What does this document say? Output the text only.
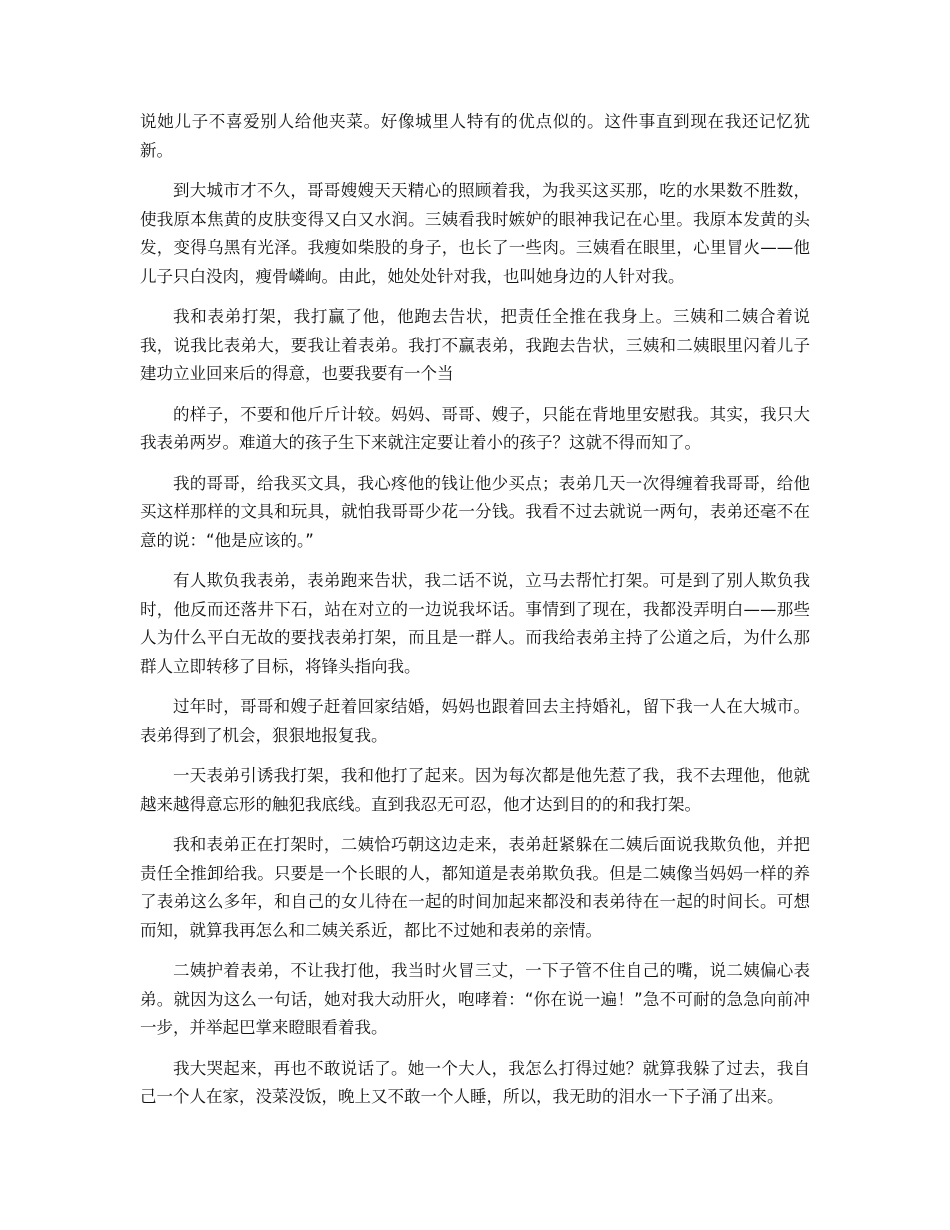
说她儿子不喜爱别人给他夹菜。好像城里人特有的优点似的。这件事直到现在我还记忆犹新。

到大城市才不久，哥哥嫂嫂天天精心的照顾着我，为我买这买那，吃的水果数不胜数，使我原本焦黄的皮肤变得又白又水润。三姨看我时嫉妒的眼神我记在心里。我原本发黄的头发，变得乌黑有光泽。我瘦如柴股的身子，也长了一些肉。三姨看在眼里，心里冒火——他儿子只白没肉，瘦骨嶙峋。由此，她处处针对我，也叫她身边的人针对我。

我和表弟打架，我打赢了他，他跑去告状，把责任全推在我身上。三姨和二姨合着说我，说我比表弟大，要我让着表弟。我打不赢表弟，我跑去告状，三姨和二姨眼里闪着儿子建功立业回来后的得意，也要我要有一个当

的样子，不要和他斤斤计较。妈妈、哥哥、嫂子，只能在背地里安慰我。其实，我只大我表弟两岁。难道大的孩子生下来就注定要让着小的孩子？这就不得而知了。

我的哥哥，给我买文具，我心疼他的钱让他少买点；表弟几天一次得缠着我哥哥，给他买这样那样的文具和玩具，就怕我哥哥少花一分钱。我看不过去就说一两句，表弟还毫不在意的说：“他是应该的。”

有人欺负我表弟，表弟跑来告状，我二话不说，立马去帮忙打架。可是到了别人欺负我时，他反而还落井下石，站在对立的一边说我坏话。事情到了现在，我都没弄明白——那些人为什么平白无故的要找表弟打架，而且是一群人。而我给表弟主持了公道之后，为什么那群人立即转移了目标，将锋头指向我。

过年时，哥哥和嫂子赶着回家结婚，妈妈也跟着回去主持婚礼，留下我一人在大城市。表弟得到了机会，狠狠地报复我。

一天表弟引诱我打架，我和他打了起来。因为每次都是他先惹了我，我不去理他，他就越来越得意忘形的触犯我底线。直到我忍无可忍，他才达到目的的和我打架。

我和表弟正在打架时，二姨恰巧朝这边走来，表弟赶紧躲在二姨后面说我欺负他，并把责任全推卸给我。只要是一个长眼的人，都知道是表弟欺负我。但是二姨像当妈妈一样的养了表弟这么多年，和自己的女儿待在一起的时间加起来都没和表弟待在一起的时间长。可想而知，就算我再怎么和二姨关系近，都比不过她和表弟的亲情。

二姨护着表弟，不让我打他，我当时火冒三丈，一下子管不住自己的嘴，说二姨偏心表弟。就因为这么一句话，她对我大动肝火，咆哮着：“你在说一遍！”急不可耐的急急向前冲一步，并举起巴掌来瞪眼看着我。

我大哭起来，再也不敢说话了。她一个大人，我怎么打得过她？就算我躲了过去，我自己一个人在家，没菜没饭，晚上又不敢一个人睡，所以，我无助的泪水一下子涌了出来。
